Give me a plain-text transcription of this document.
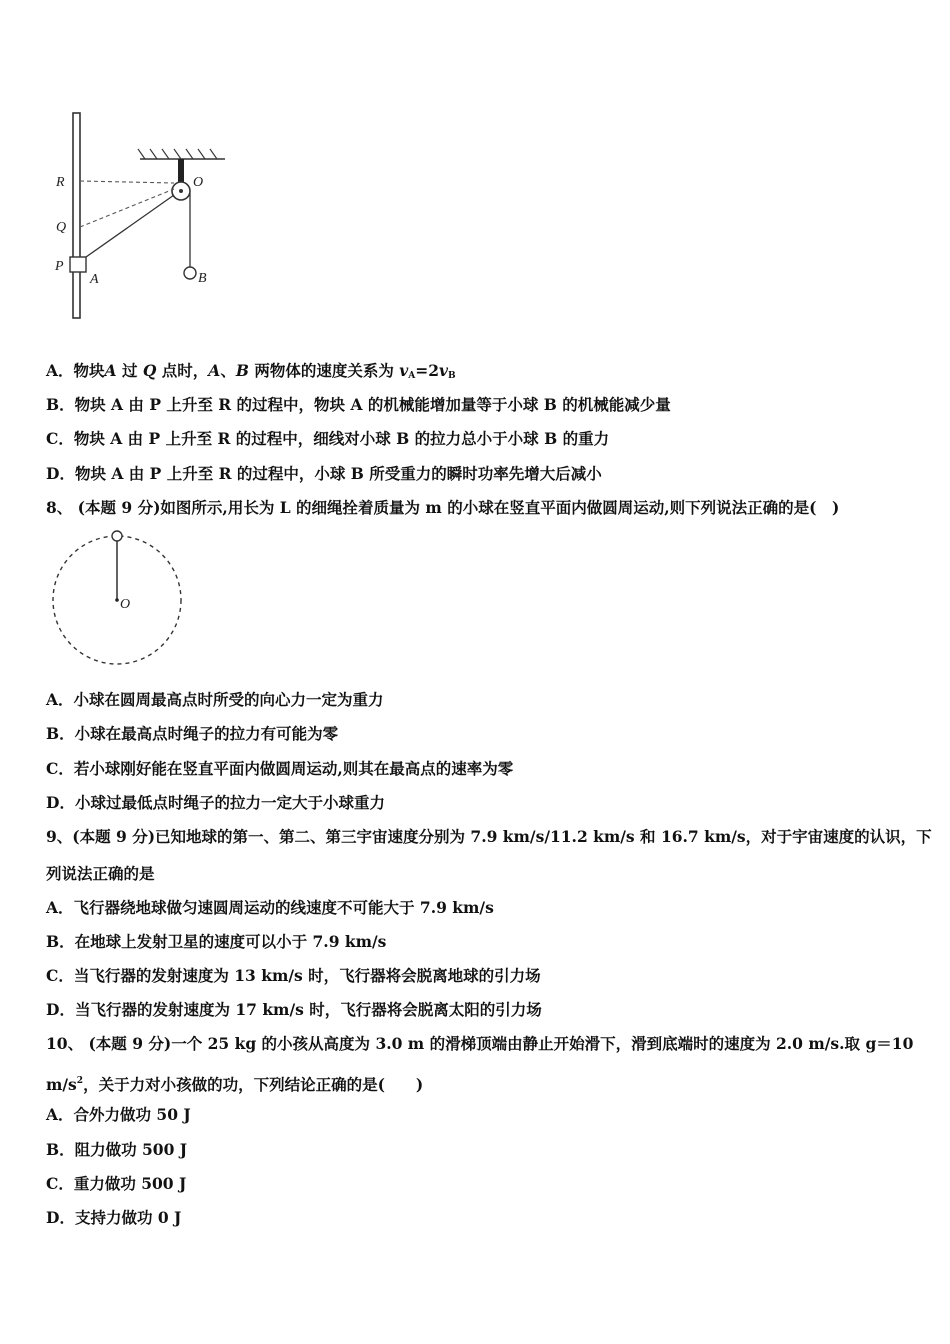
R
Q
P
A
O
B
A．物块A 过 Q 点时，A、B 两物体的速度关系为 $v_A=2v_B$
B．物块 A 由 P 上升至 R 的过程中，物块 A 的机械能增加量等于小球 B 的机械能减少量
C．物块 A 由 P 上升至 R 的过程中，细线对小球 B 的拉力总小于小球 B 的重力
D．物块 A 由 P 上升至 R 的过程中，小球 B 所受重力的瞬时功率先增大后减小
8、 (本题 9 分)如图所示,用长为 L 的细绳拴着质量为 m 的小球在竖直平面内做圆周运动,则下列说法正确的是(　)
O
A．小球在圆周最高点时所受的向心力一定为重力
B．小球在最高点时绳子的拉力有可能为零
C．若小球刚好能在竖直平面内做圆周运动,则其在最高点的速率为零
D．小球过最低点时绳子的拉力一定大于小球重力
9、(本题 9 分)已知地球的第一、第二、第三宇宙速度分别为 7.9 km/s/11.2 km/s 和 16.7 km/s，对于宇宙速度的认识，下
列说法正确的是
A．飞行器绕地球做匀速圆周运动的线速度不可能大于 7.9 km/s
B．在地球上发射卫星的速度可以小于 7.9 km/s
C．当飞行器的发射速度为 13 km/s 时，飞行器将会脱离地球的引力场
D．当飞行器的发射速度为 17 km/s 时，飞行器将会脱离太阳的引力场
10、 (本题 9 分)一个 25 kg 的小孩从高度为 3.0 m 的滑梯顶端由静止开始滑下，滑到底端时的速度为 2.0 m/s.取 g＝10
$m/s^2$，关于力对小孩做的功，下列结论正确的是(　　)
A．合外力做功 50 J
B．阻力做功 500 J
C．重力做功 500 J
D．支持力做功 0 J
